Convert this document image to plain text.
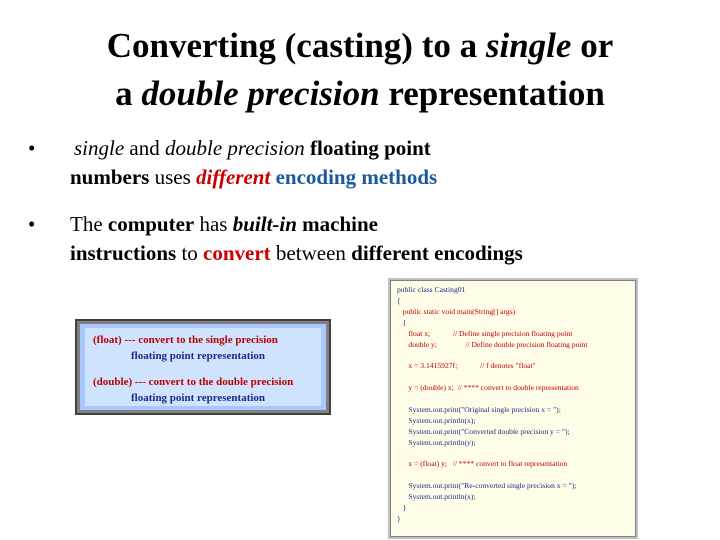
Converting (casting) to a single or
a double precision representation
• single and double precision floating point
numbers uses different encoding methods
• The computer has built-in machine
instructions to convert between different encodings
(float) --- convert to the single precision
floating point representation
(double) --- convert to the double precision
floating point representation
public class Casting01
{
public static void main(String[] args)
{
float x;            // Define single precision floating point
double y;               // Define double precision floating point
x = 3.1415927f;            // f denotes "float"
y = (double) x;  // **** convert to double representation
System.out.print("Original single precision x = ");
System.out.println(x);
System.out.print("Converted double precision y = ");
System.out.println(y);
x = (float) y;   // **** convert to float representation
System.out.print("Re-converted single precision x = ");
System.out.println(x);
}
}
